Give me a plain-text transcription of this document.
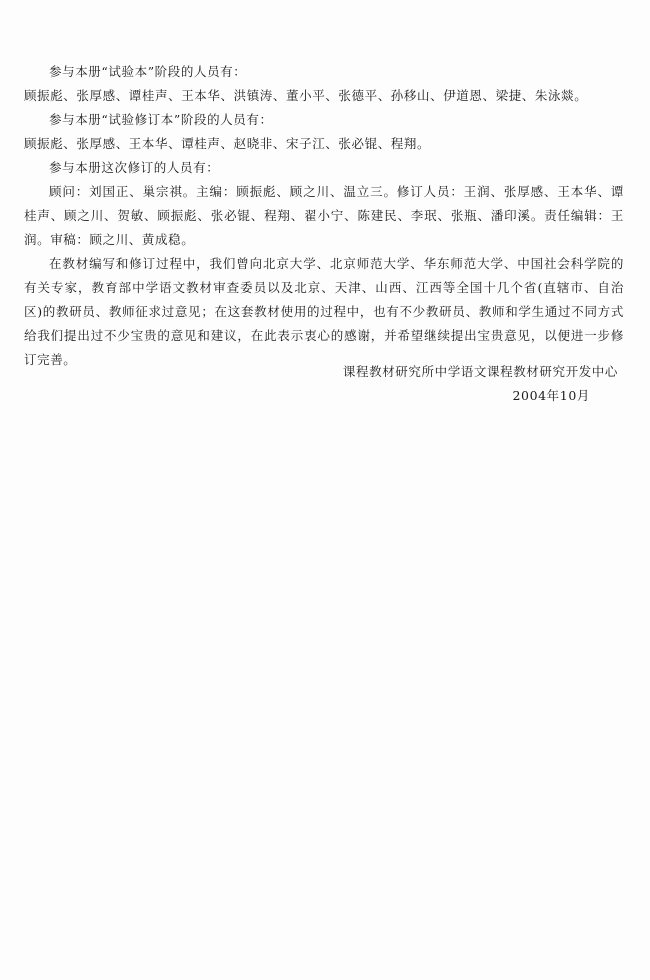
参与本册“试验本”阶段的人员有：

顾振彪、张厚感、谭桂声、王本华、洪镇涛、董小平、张德平、孙移山、伊道恩、梁捷、朱泳燚。

参与本册“试验修订本”阶段的人员有：

顾振彪、张厚感、王本华、谭桂声、赵晓非、宋子江、张必锟、程翔。

参与本册这次修订的人员有：

顾问：刘国正、巢宗祺。主编：顾振彪、顾之川、温立三。修订人员：王润、张厚感、王本华、谭桂声、顾之川、贺敏、顾振彪、张必锟、程翔、翟小宁、陈建民、李珉、张瓶、潘印溪。责任编辑：王润。审稿：顾之川、黄成稳。

在教材编写和修订过程中，我们曾向北京大学、北京师范大学、华东师范大学、中国社会科学院的有关专家，教育部中学语文教材审查委员以及北京、天津、山西、江西等全国十几个省(直辖市、自治区)的教研员、教师征求过意见；在这套教材使用的过程中，也有不少教研员、教师和学生通过不同方式给我们提出过不少宝贵的意见和建议，在此表示衷心的感谢，并希望继续提出宝贵意见，以便进一步修订完善。

课程教材研究所中学语文课程教材研究开发中心
2004年10月
